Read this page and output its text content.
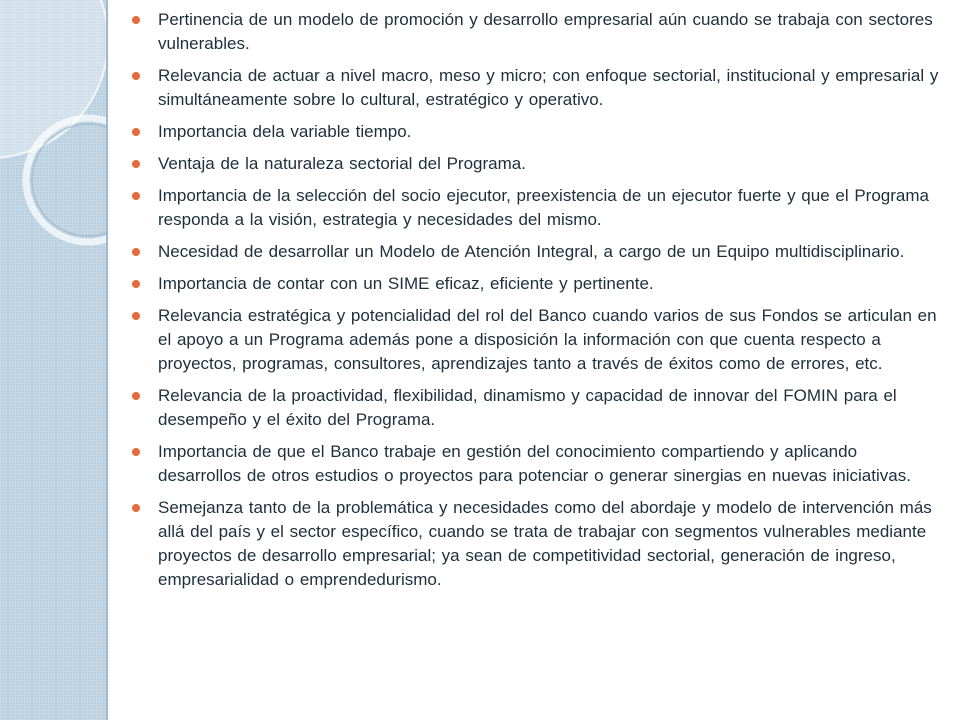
Pertinencia de un modelo de promoción y desarrollo empresarial aún cuando se trabaja con sectores vulnerables.
Relevancia de actuar a nivel macro, meso y micro; con enfoque sectorial, institucional y empresarial y simultáneamente sobre lo cultural, estratégico y operativo.
Importancia dela variable tiempo.
Ventaja de la naturaleza sectorial del Programa.
Importancia de la selección del socio ejecutor, preexistencia de un ejecutor fuerte y que el Programa responda a la visión, estrategia y necesidades del mismo.
Necesidad de desarrollar un Modelo de Atención Integral, a cargo de un Equipo multidisciplinario.
Importancia de contar con un SIME eficaz, eficiente y pertinente.
Relevancia estratégica y potencialidad del rol del Banco cuando varios de sus Fondos se articulan en el apoyo a un Programa además pone a disposición la información con que cuenta respecto a proyectos, programas, consultores, aprendizajes tanto a través de éxitos como de errores, etc.
Relevancia de la proactividad, flexibilidad, dinamismo y capacidad de innovar del FOMIN para el desempeño y el éxito del Programa.
Importancia de que el Banco trabaje en gestión del conocimiento compartiendo y aplicando desarrollos de otros estudios o proyectos para potenciar o generar sinergias en nuevas iniciativas.
Semejanza tanto de la problemática y necesidades como del abordaje y modelo de intervención más allá del país y el sector específico, cuando se trata de trabajar con segmentos vulnerables mediante proyectos de desarrollo empresarial; ya sean de competitividad sectorial, generación de ingreso, empresarialidad o emprendedurismo.
